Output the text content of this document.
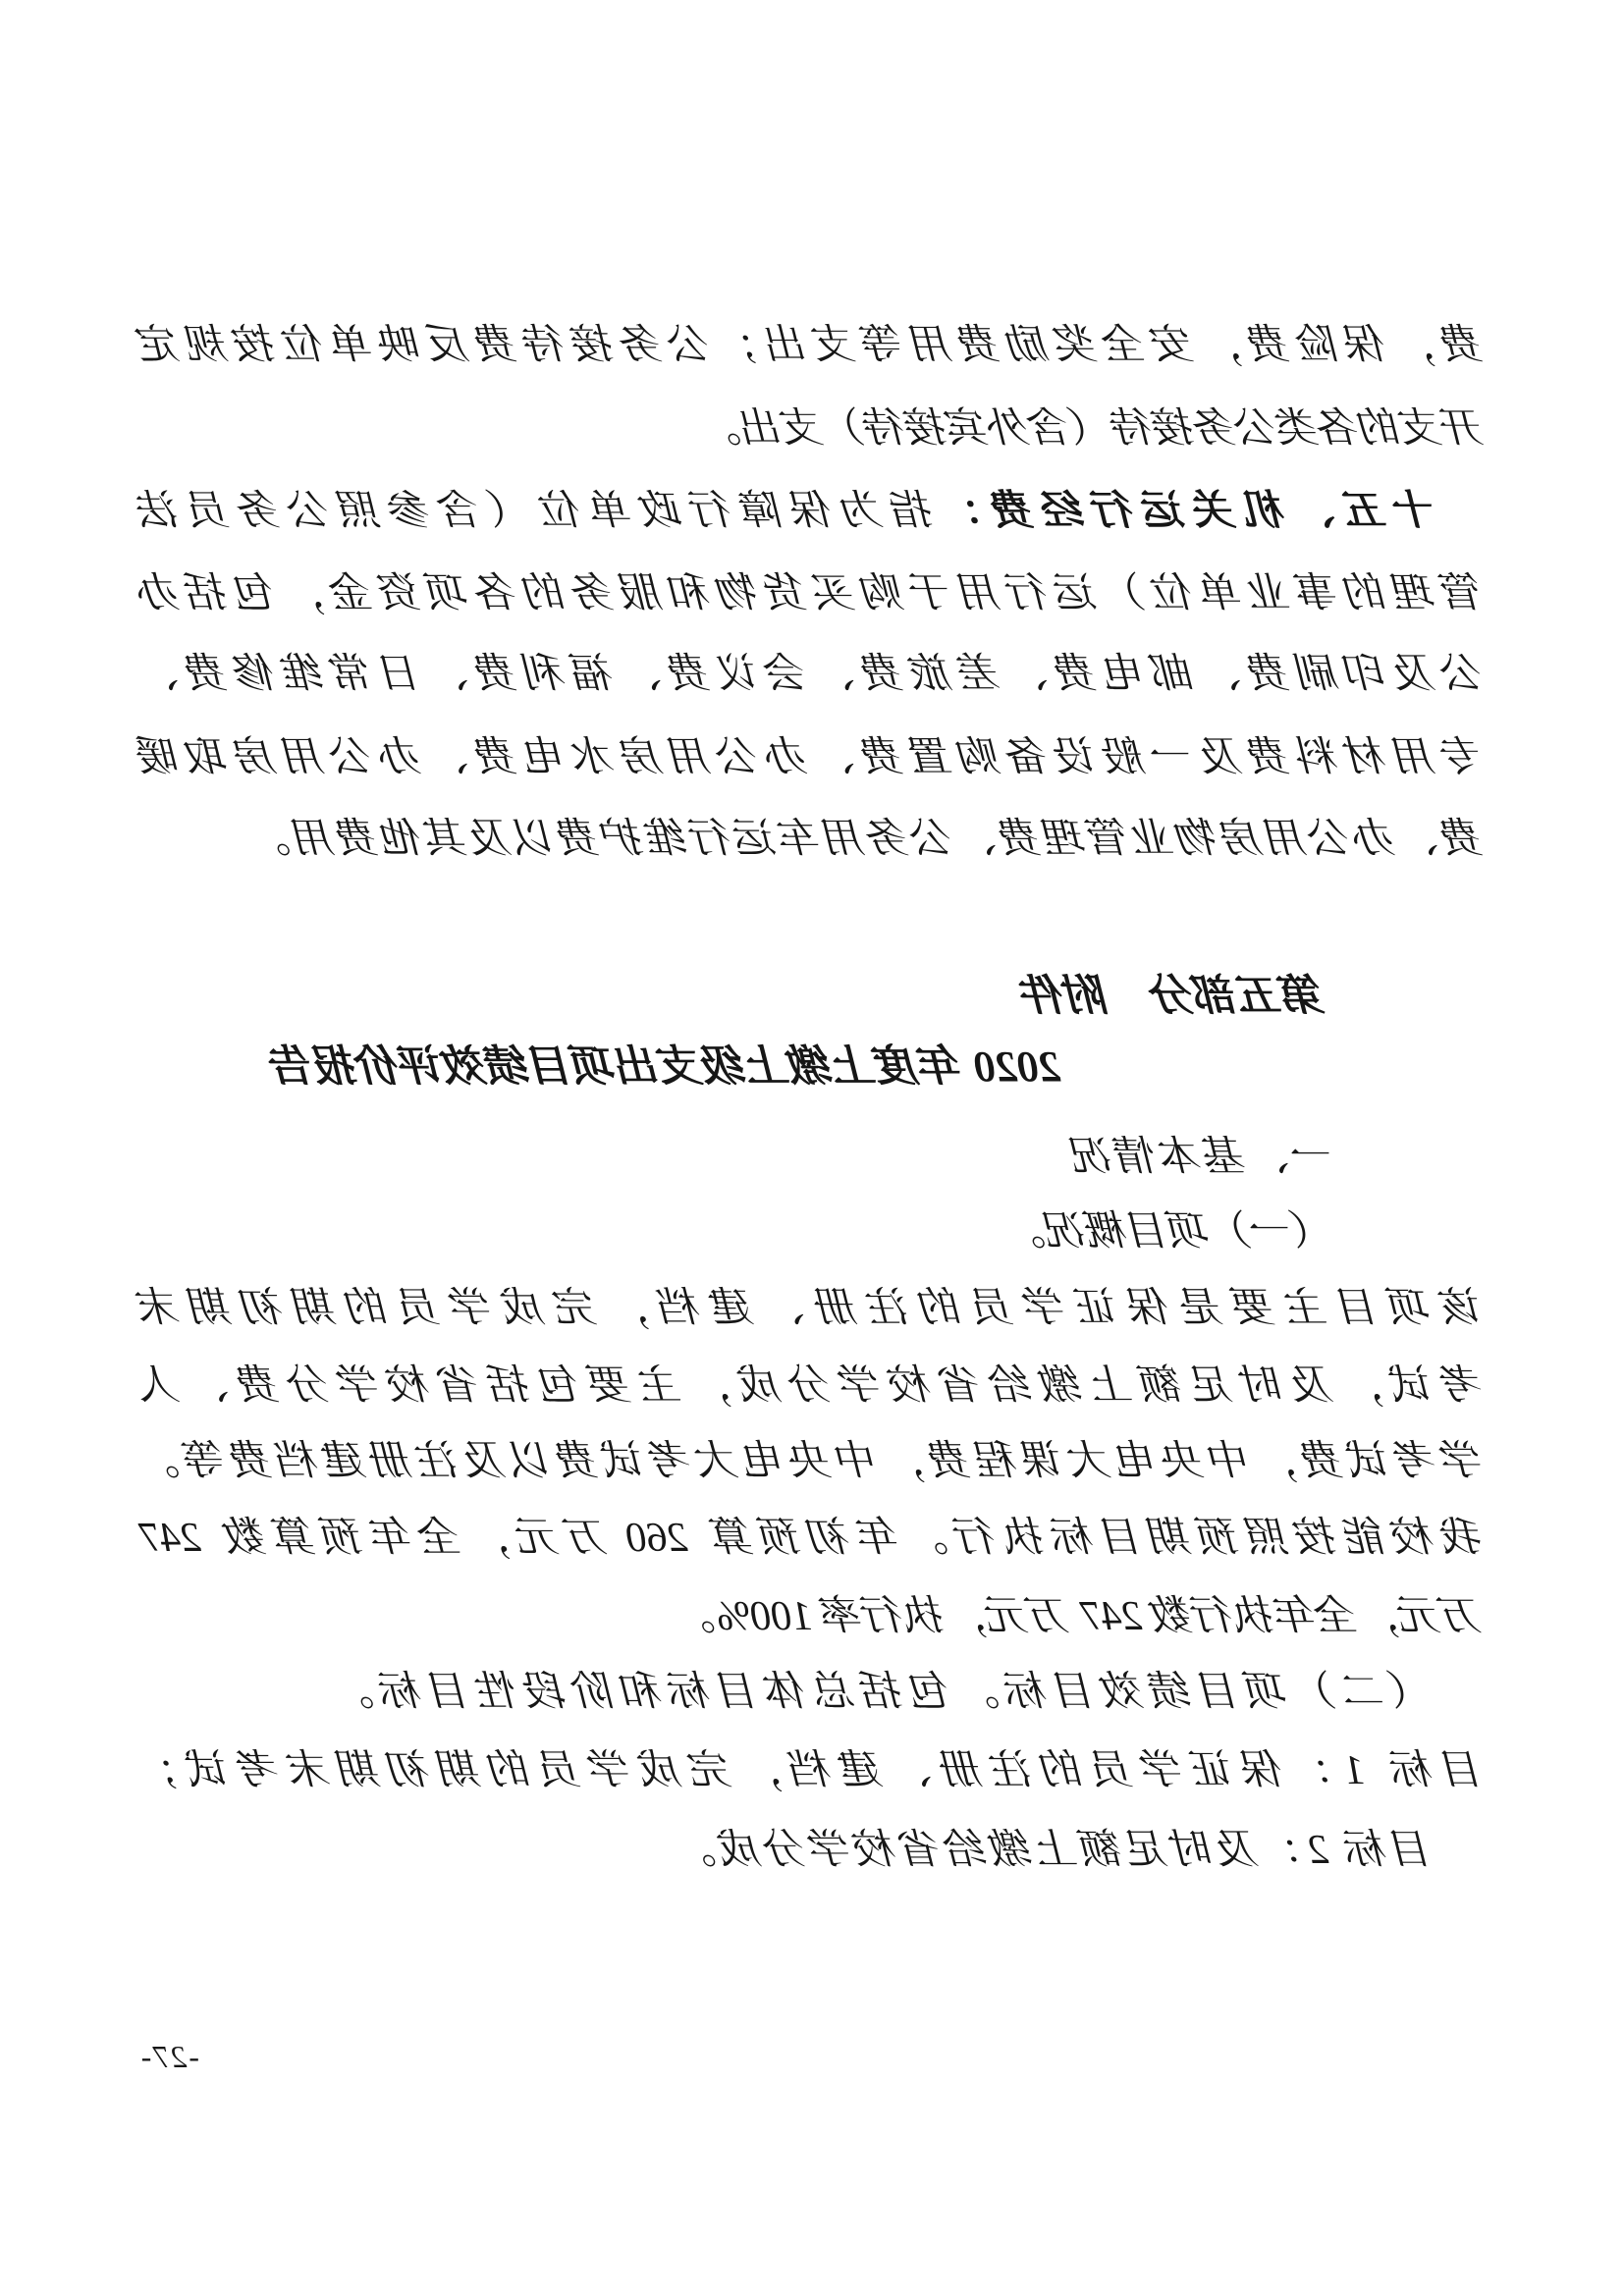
费，保险费，安全奖励费用等支出；公务接待费反映单位按规定
开支的各类公务接待（含外宾接待）支出。
十五、机关运行经费：指为保障行政单位（含参照公务员法
管理的事业单位）运行用于购买货物和服务的各项资金，包括办
公及印刷费、邮电费、差旅费、会议费、福利费、日常维修费、
专用材料费及一般设备购置费、办公用房水电费、办公用房取暖
费、办公用房物业管理费、公务用车运行维护费以及其他费用。
第五部分　附件
2020 年度上缴上级支出项目绩效评价报告
一、基本情况
（一）项目概况。
该项目主要是保证学员的注册、建档，完成学员的期初期末
考试，及时足额上缴给省校学分成，主要包括省校学分费、人
学考试费，中央电大课程费，中央电大考试费以及注册建档费等。
我校能按照预期目标执行。年初预算 260 万元，全年预算数 247
万元，全年执行数 247 万元，执行率 100%。
（二）项目绩效目标。包括总体目标和阶段性目标。
目标 1：保证学员的注册、建档，完成学员的期初期末考试；
目标 2：及时足额上缴给省校学分成。
-27-
